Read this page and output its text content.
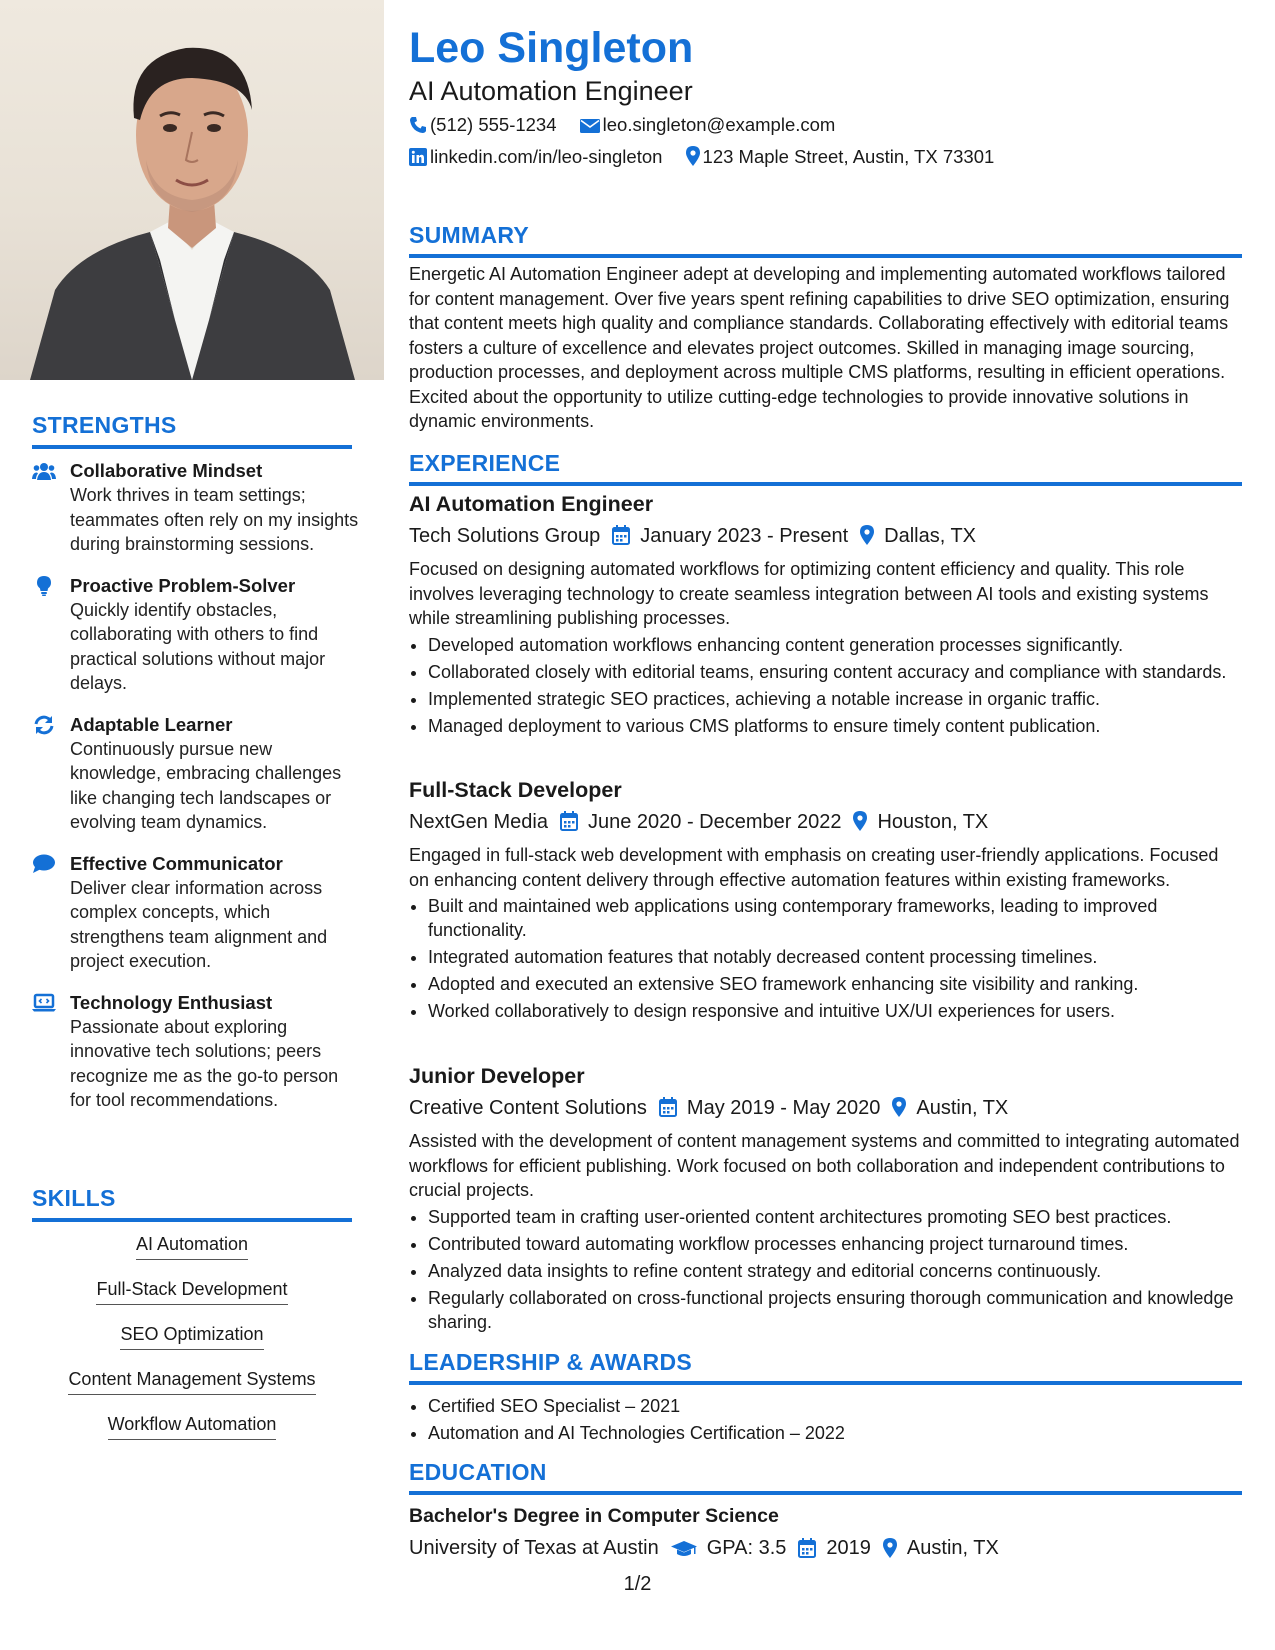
STRENGTHS
Collaborative Mindset
Work thrives in team settings; teammates often rely on my insights during brainstorming sessions.
Proactive Problem-Solver
Quickly identify obstacles, collaborating with others to find practical solutions without major delays.
Adaptable Learner
Continuously pursue new knowledge, embracing challenges like changing tech landscapes or evolving team dynamics.
Effective Communicator
Deliver clear information across complex concepts, which strengthens team alignment and project execution.
Technology Enthusiast
Passionate about exploring innovative tech solutions; peers recognize me as the go-to person for tool recommendations.
SKILLS
AI Automation
Full-Stack Development
SEO Optimization
Content Management Systems
Workflow Automation
Leo Singleton
AI Automation Engineer
(512) 555-1234 leo.singleton@example.com
linkedin.com/in/leo-singleton 123 Maple Street, Austin, TX 73301
SUMMARY
Energetic AI Automation Engineer adept at developing and implementing automated workflows tailored for content management. Over five years spent refining capabilities to drive SEO optimization, ensuring that content meets high quality and compliance standards. Collaborating effectively with editorial teams fosters a culture of excellence and elevates project outcomes. Skilled in managing image sourcing, production processes, and deployment across multiple CMS platforms, resulting in efficient operations. Excited about the opportunity to utilize cutting-edge technologies to provide innovative solutions in dynamic environments.
EXPERIENCE
AI Automation Engineer
Tech Solutions Group January 2023 - Present Dallas, TX
Focused on designing automated workflows for optimizing content efficiency and quality. This role involves leveraging technology to create seamless integration between AI tools and existing systems while streamlining publishing processes.
• Developed automation workflows enhancing content generation processes significantly.
• Collaborated closely with editorial teams, ensuring content accuracy and compliance with standards.
• Implemented strategic SEO practices, achieving a notable increase in organic traffic.
• Managed deployment to various CMS platforms to ensure timely content publication.
Full-Stack Developer
NextGen Media June 2020 - December 2022 Houston, TX
Engaged in full-stack web development with emphasis on creating user-friendly applications. Focused on enhancing content delivery through effective automation features within existing frameworks.
• Built and maintained web applications using contemporary frameworks, leading to improved functionality.
• Integrated automation features that notably decreased content processing timelines.
• Adopted and executed an extensive SEO framework enhancing site visibility and ranking.
• Worked collaboratively to design responsive and intuitive UX/UI experiences for users.
Junior Developer
Creative Content Solutions May 2019 - May 2020 Austin, TX
Assisted with the development of content management systems and committed to integrating automated workflows for efficient publishing. Work focused on both collaboration and independent contributions to crucial projects.
• Supported team in crafting user-oriented content architectures promoting SEO best practices.
• Contributed toward automating workflow processes enhancing project turnaround times.
• Analyzed data insights to refine content strategy and editorial concerns continuously.
• Regularly collaborated on cross-functional projects ensuring thorough communication and knowledge sharing.
LEADERSHIP & AWARDS
• Certified SEO Specialist – 2021
• Automation and AI Technologies Certification – 2022
EDUCATION
Bachelor's Degree in Computer Science
University of Texas at Austin GPA: 3.5 2019 Austin, TX
1/2
